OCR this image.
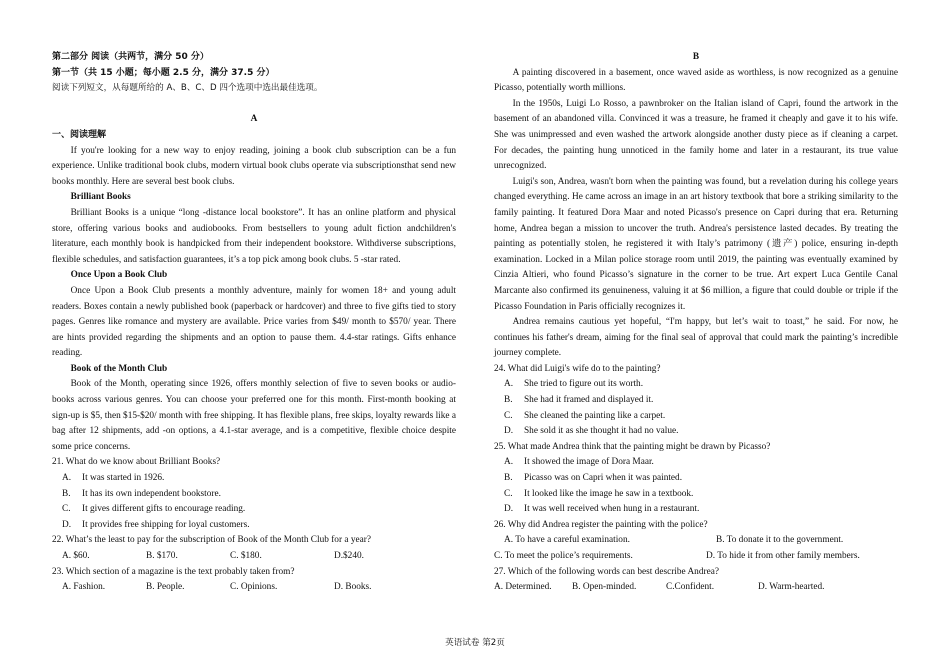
第二部分 阅读（共两节，满分 50 分）
第一节（共 15 小题；每小题 2.5 分，满分 37.5 分）
阅读下列短文，从每题所给的 A、B、C、D 四个选项中选出最佳选项。
A
一、阅读理解

If you're looking for a new way to enjoy reading, joining a book club subscription can be a fun experience. Unlike traditional book clubs, modern virtual book clubs operate via subscriptionsthat send new books monthly. Here are several best book clubs.

Brilliant Books

Brilliant Books is a unique “long -distance local bookstore”. It has an online platform and physical store, offering various books and audiobooks. From bestsellers to young adult fiction andchildren's literature, each monthly book is handpicked from their independent bookstore. Withdiverse subscriptions, flexible schedules, and satisfaction guarantees, it’s a top pick among book clubs. 5 -star rated.

Once Upon a Book Club

Once Upon a Book Club presents a monthly adventure, mainly for women 18+ and young adult readers. Boxes contain a newly published book (paperback or hardcover) and three to five gifts tied to story pages. Genres like romance and mystery are available. Price varies from $49/ month to $570/ year. There are hints provided regarding the shipments and an option to pause them. 4.4-star ratings. Gifts enhance reading.

Book of the Month Club

Book of the Month, operating since 1926, offers monthly selection of five to seven books or audio-books across various genres. You can choose your preferred one for this month. First-month booking at sign-up is $5, then $15-$20/ month with free shipping. It has flexible plans, free skips, loyalty rewards like a bag after 12 shipments, add -on options, a 4.1-star average, and is a competitive, flexible choice despite some price concerns.

21. What do we know about Brilliant Books?
A. It was started in 1926.
B. It has its own independent bookstore.
C. It gives different gifts to encourage reading.
D. It provides free shipping for loyal customers.
22. What’s the least to pay for the subscription of Book of the Month Club for a year?
A. $60.	B. $170.	C. $180.	D.$240.
23. Which section of a magazine is the text probably taken from?
A. Fashion.	B. People.	C. Opinions.	D. Books.
B

A painting discovered in a basement, once waved aside as worthless, is now recognized as a genuine Picasso, potentially worth millions.

In the 1950s, Luigi Lo Rosso, a pawnbroker on the Italian island of Capri, found the artwork in the basement of an abandoned villa. Convinced it was a treasure, he framed it cheaply and gave it to his wife. She was unimpressed and even washed the artwork alongside another dusty piece as if cleaning a carpet. For decades, the painting hung unnoticed in the family home and later in a restaurant, its true value unrecognized.

Luigi's son, Andrea, wasn't born when the painting was found, but a revelation during his college years changed everything. He came across an image in an art history textbook that bore a striking similarity to the family painting. It featured Dora Maar and noted Picasso's presence on Capri during that era. Returning home, Andrea began a mission to uncover the truth. Andrea's persistence lasted decades. By treating the painting as potentially stolen, he registered it with Italy’s patrimony (遗产) police, ensuring in-depth examination. Locked in a Milan police storage room until 2019, the painting was eventually examined by Cinzia Altieri, who found Picasso’s signature in the corner to be true. Art expert Luca Gentile Canal Marcante also confirmed its genuineness, valuing it at $6 million, a figure that could double or triple if the Picasso Foundation in Paris officially recognizes it.

Andrea remains cautious yet hopeful, “I'm happy, but let’s wait to toast,” he said. For now, he continues his father's dream, aiming for the final seal of approval that could mark the painting’s incredible journey complete.

24. What did Luigi's wife do to the painting?
A. She tried to figure out its worth.
B. She had it framed and displayed it.
C. She cleaned the painting like a carpet.
D. She sold it as she thought it had no value.
25. What made Andrea think that the painting might be drawn by Picasso?
A. It showed the image of Dora Maar.
B. Picasso was on Capri when it was painted.
C. It looked like the image he saw in a textbook.
D. It was well received when hung in a restaurant.
26. Why did Andrea register the painting with the police?
A. To have a careful examination.	B. To donate it to the government.
C. To meet the police’s requirements.	D. To hide it from other family members.
27. Which of the following words can best describe Andrea?
A. Determined.	B. Open-minded.	C.Confident.	D. Warm-hearted.
英语试卷 第2页
